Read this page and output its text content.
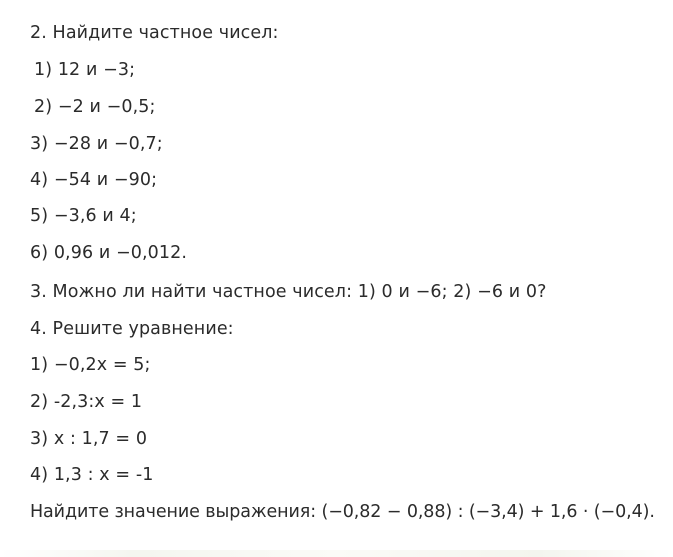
2. Найдите частное чисел:
1) 12 и −3;
2) −2 и −0,5;
3) −28 и −0,7;
4) −54 и −90;
5) −3,6 и 4;
6) 0,96 и −0,012.
3. Можно ли найти частное чисел: 1) 0 и −6; 2) −6 и 0?
4. Решите уравнение:
1) −0,2x = 5;
2) -2,3:x = 1
3) x : 1,7 = 0
4) 1,3 : x = -1
Найдите значение выражения: (−0,82 − 0,88) : (−3,4) + 1,6 · (−0,4).
